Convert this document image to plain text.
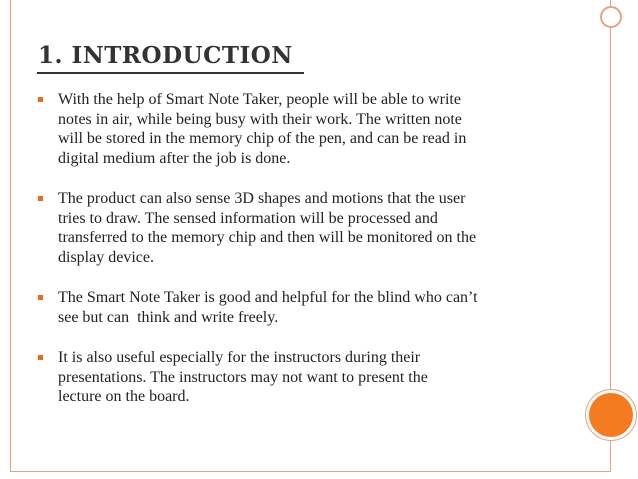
1. INTRODUCTION
With the help of Smart Note Taker, people will be able to write
notes in air, while being busy with their work. The written note
will be stored in the memory chip of the pen, and can be read in
digital medium after the job is done.
The product can also sense 3D shapes and motions that the user
tries to draw. The sensed information will be processed and
transferred to the memory chip and then will be monitored on the
display device.
The Smart Note Taker is good and helpful for the blind who can’t
see but can  think and write freely.
It is also useful especially for the instructors during their
presentations. The instructors may not want to present the
lecture on the board.
